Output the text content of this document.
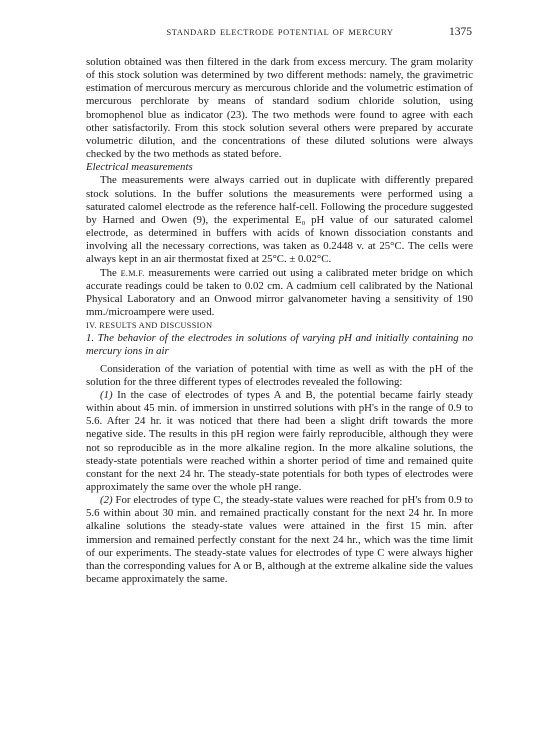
STANDARD ELECTRODE POTENTIAL OF MERCURY	1375

solution obtained was then filtered in the dark from excess mercury. The gram molarity of this stock solution was determined by two different methods: namely, the gravimetric estimation of mercurous mercury as mercurous chloride and the volumetric estimation of mercurous perchlorate by means of standard sodium chloride solution, using bromophenol blue as indicator (23). The two methods were found to agree with each other satisfactorily. From this stock solution several others were prepared by accurate volumetric dilution, and the concentrations of these diluted solutions were always checked by the two methods as stated before.

Electrical measurements

The measurements were always carried out in duplicate with differently prepared stock solutions. In the buffer solutions the measurements were performed using a saturated calomel electrode as the reference half-cell. Following the procedure suggested by Harned and Owen (9), the experimental E₀ pH value of our saturated calomel electrode, as determined in buffers with acids of known dissociation constants and involving all the necessary corrections, was taken as 0.2448 v. at 25°C. The cells were always kept in an air thermostat fixed at 25°C. ± 0.02°C.

The E.M.F. measurements were carried out using a calibrated meter bridge on which accurate readings could be taken to 0.02 cm. A cadmium cell calibrated by the National Physical Laboratory and an Onwood mirror galvanometer having a sensitivity of 190 mm./microampere were used.

IV. RESULTS AND DISCUSSION

1. The behavior of the electrodes in solutions of varying pH and initially containing no mercury ions in air

Consideration of the variation of potential with time as well as with the pH of the solution for the three different types of electrodes revealed the following:

(1) In the case of electrodes of types A and B, the potential became fairly steady within about 45 min. of immersion in unstirred solutions with pH's in the range of 0.9 to 5.6. After 24 hr. it was noticed that there had been a slight drift towards the more negative side. The results in this pH region were fairly reproducible, although they were not so reproducible as in the more alkaline region. In the more alkaline solutions, the steady-state potentials were reached within a shorter period of time and remained quite constant for the next 24 hr. The steady-state potentials for both types of electrodes were approximately the same over the whole pH range.

(2) For electrodes of type C, the steady-state values were reached for pH's from 0.9 to 5.6 within about 30 min. and remained practically constant for the next 24 hr. In more alkaline solutions the steady-state values were attained in the first 15 min. after immersion and remained perfectly constant for the next 24 hr., which was the time limit of our experiments. The steady-state values for electrodes of type C were always higher than the corresponding values for A or B, although at the extreme alkaline side the values became approximately the same.
